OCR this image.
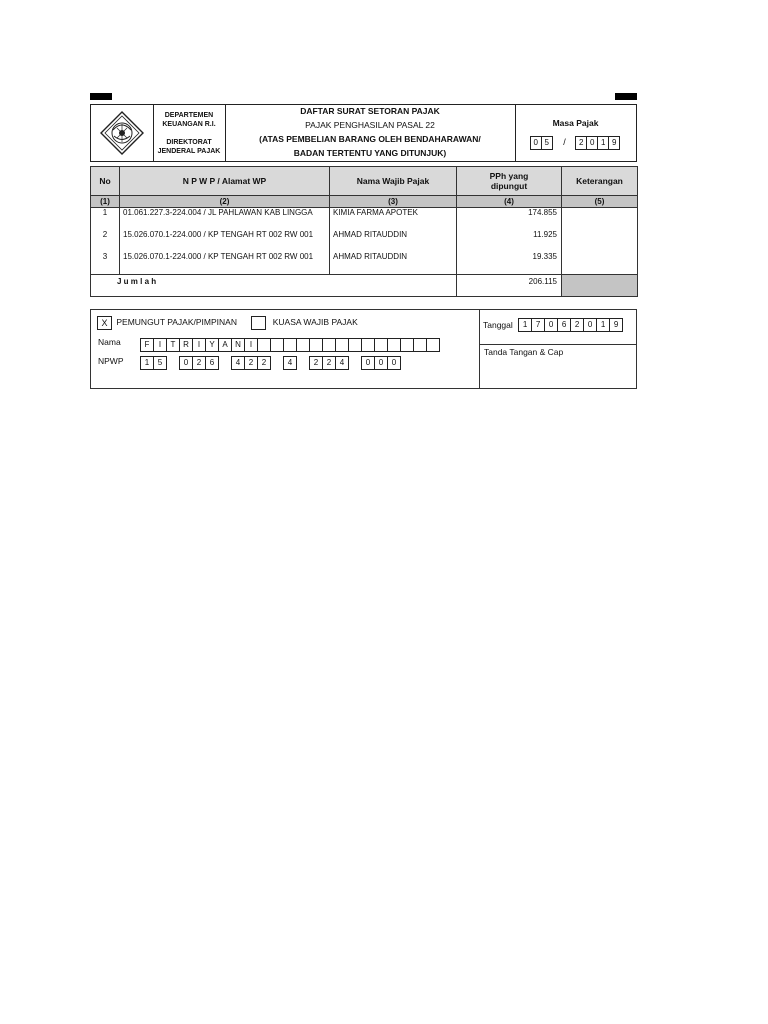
DEPARTEMEN
KEUANGAN R.I.
DIREKTORAT
JENDERAL PAJAK
DAFTAR SURAT SETORAN PAJAK
PAJAK PENGHASILAN PASAL 22
(ATAS PEMBELIAN BARANG OLEH BENDAHARAWAN/
BADAN TERTENTU YANG DITUNJUK)
Masa Pajak
0 5 / 2 0 1 9
No	N P W P / Alamat WP	Nama Wajib Pajak	PPh yang dipungut	Keterangan
(1)	(2)	(3)	(4)	(5)
1	01.061.227.3-224.004 / JL PAHLAWAN KAB LINGGA	KIMIA FARMA APOTEK	174.855	
2	15.026.070.1-224.000 / KP TENGAH RT 002 RW 001	AHMAD RITAUDDIN	11.925	
3	15.026.070.1-224.000 / KP TENGAH RT 002 RW 001	AHMAD RITAUDDIN	19.335	
J u m l a h			206.115	
X PEMUNGUT PAJAK/PIMPINAN	KUASA WAJIB PAJAK
Nama	F I T R I Y A N I
NPWP	1 5	0 2 6	4 2 2	4	2 2 4	0 0 0
Tanggal 1 7 0 6 2 0 1 9
Tanda Tangan & Cap
